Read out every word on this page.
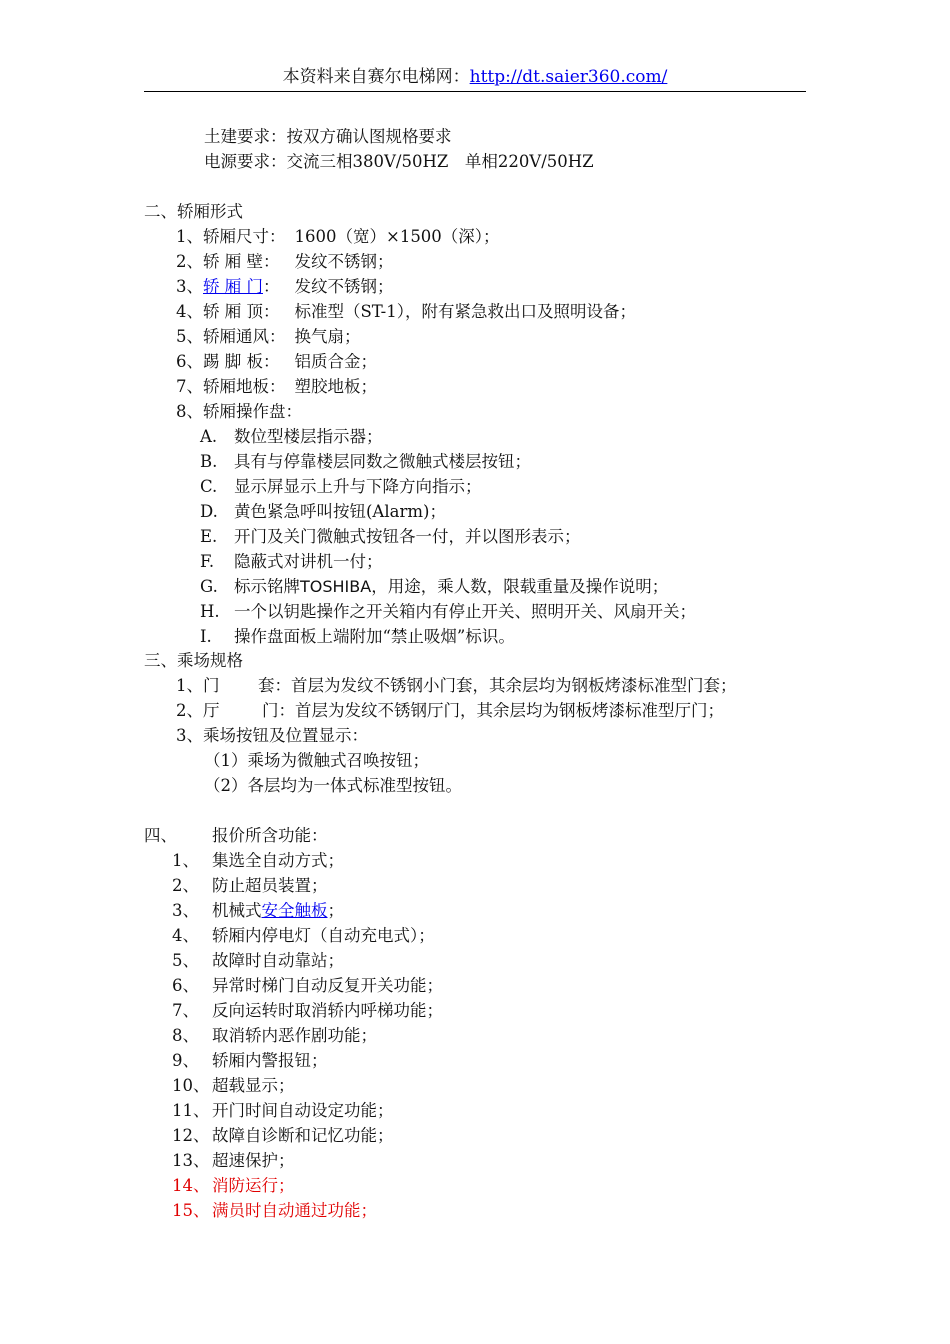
本资料来自赛尔电梯网：http://dt.saier360.com/
土建要求：按双方确认图规格要求
电源要求：交流三相380V/50HZ　单相220V/50HZ
二、轿厢形式
1、轿厢尺寸： 1600（宽）×1500（深）；
2、轿 厢 壁： 发纹不锈钢；
3、轿 厢 门： 发纹不锈钢；
4、轿 厢 顶： 标准型（ST-1），附有紧急救出口及照明设备；
5、轿厢通风： 换气扇；
6、踢 脚 板： 铝质合金；
7、轿厢地板： 塑胶地板；
8、轿厢操作盘：
A. 数位型楼层指示器；
B. 具有与停靠楼层同数之微触式楼层按钮；
C. 显示屏显示上升与下降方向指示；
D. 黄色紧急呼叫按钮(Alarm)；
E. 开门及关门微触式按钮各一付，并以图形表示；
F. 隐蔽式对讲机一付；
G. 标示铭牌TOSHIBA，用途，乘人数，限载重量及操作说明；
H. 一个以钥匙操作之开关箱内有停止开关、照明开关、风扇开关；
I. 操作盘面板上端附加“禁止吸烟”标识。
三、乘场规格
1、门 套：首层为发纹不锈钢小门套，其余层均为钢板烤漆标准型门套；
2、厅	门：首层为发纹不锈钢厅门，其余层均为钢板烤漆标准型厅门；
3、乘场按钮及位置显示：
（1）乘场为微触式召唤按钮；
（2）各层均为一体式标准型按钮。
四、 报价所含功能：
1、 集选全自动方式；
2、 防止超员装置；
3、 机械式安全触板；
4、 轿厢内停电灯（自动充电式）；
5、 故障时自动靠站；
6、 异常时梯门自动反复开关功能；
7、 反向运转时取消轿内呼梯功能；
8、 取消轿内恶作剧功能；
9、 轿厢内警报钮；
10、 超载显示；
11、 开门时间自动设定功能；
12、 故障自诊断和记忆功能；
13、 超速保护；
14、 消防运行；
15、 满员时自动通过功能；
